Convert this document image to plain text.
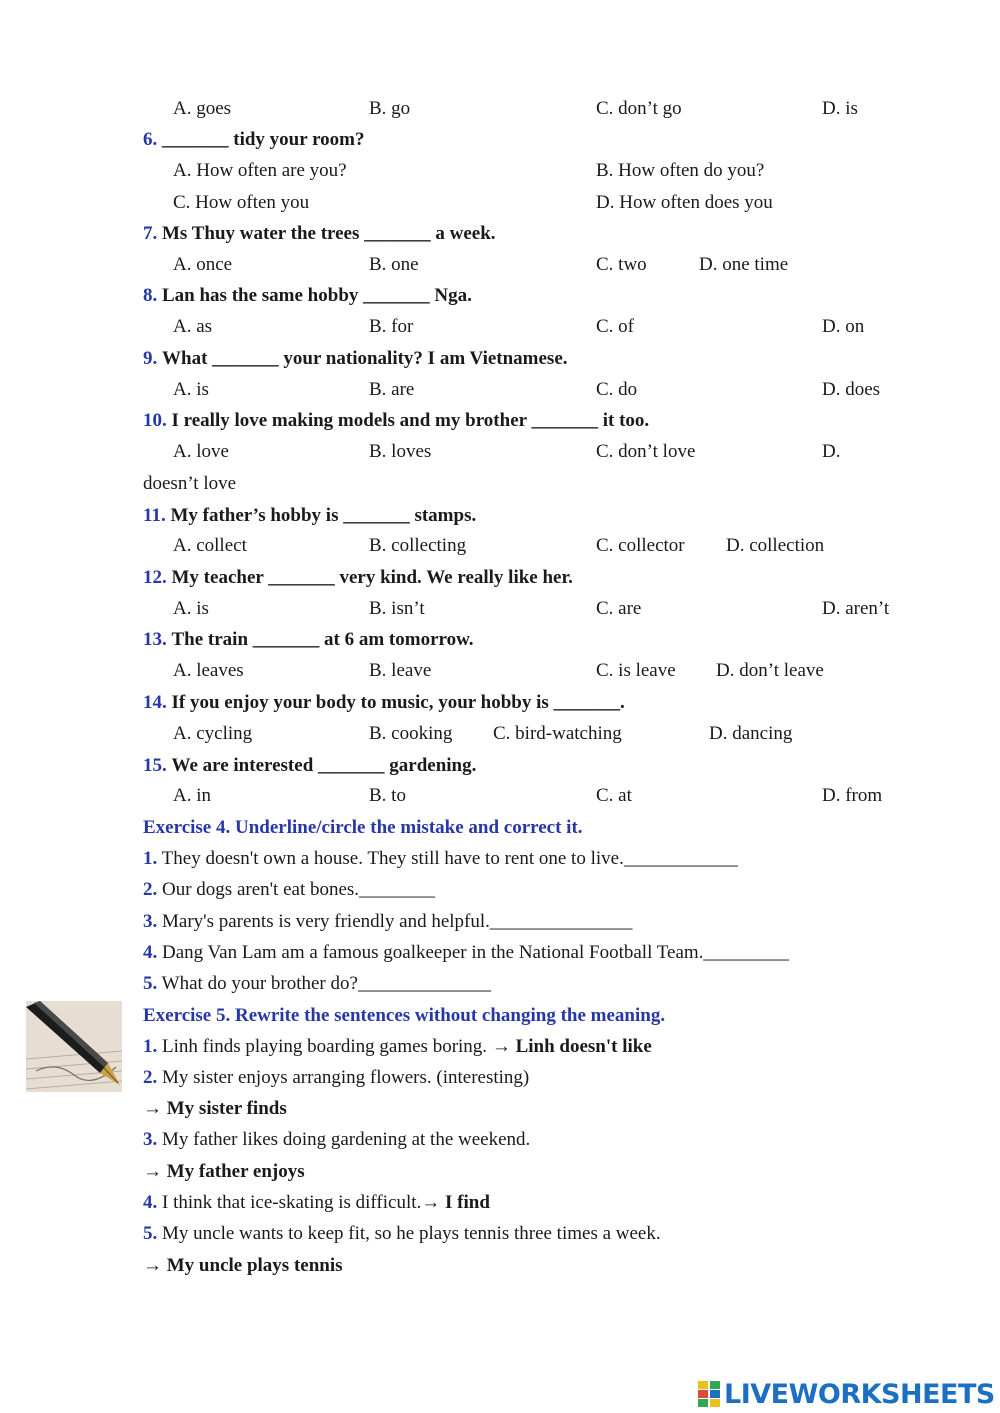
A. goes	B. go	C. don’t go	D. is
6. _______ tidy your room?
A. How often are you?	B. How often do you?
C. How often you	D. How often does you
7. Ms Thuy water the trees _______ a week.
A. once	B. one	C. two	D. one time
8. Lan has the same hobby _______ Nga.
A. as	B. for	C. of	D. on
9. What _______ your nationality? I am Vietnamese.
A. is	B. are	C. do	D. does
10. I really love making models and my brother _______ it too.
A. love	B. loves	C. don’t love	D.
doesn’t love
11. My father’s hobby is _______ stamps.
A. collect	B. collecting	C. collector D. collection
12. My teacher _______ very kind. We really like her.
A. is	B. isn’t	C. are	D. aren’t
13. The train _______ at 6 am tomorrow.
A. leaves	B. leave	C. is leave D. don’t leave
14. If you enjoy your body to music, your hobby is _______.
A. cycling	B. cooking C. bird-watching	D. dancing
15. We are interested _______ gardening.
A. in	B. to	C. at	D. from
Exercise 4. Underline/circle the mistake and correct it.
1. They doesn't own a house. They still have to rent one to live.____________
2. Our dogs aren't eat bones.________
3. Mary's parents is very friendly and helpful._______________
4. Dang Van Lam am a famous goalkeeper in the National Football Team._________
5. What do your brother do?______________
Exercise 5. Rewrite the sentences without changing the meaning.
1. Linh finds playing boarding games boring. → Linh doesn't like
2. My sister enjoys arranging flowers. (interesting)
→ My sister finds
3. My father likes doing gardening at the weekend.
→ My father enjoys
4. I think that ice-skating is difficult.→ I find
5. My uncle wants to keep fit, so he plays tennis three times a week.
→ My uncle plays tennis
LIVEWORKSHEETS
